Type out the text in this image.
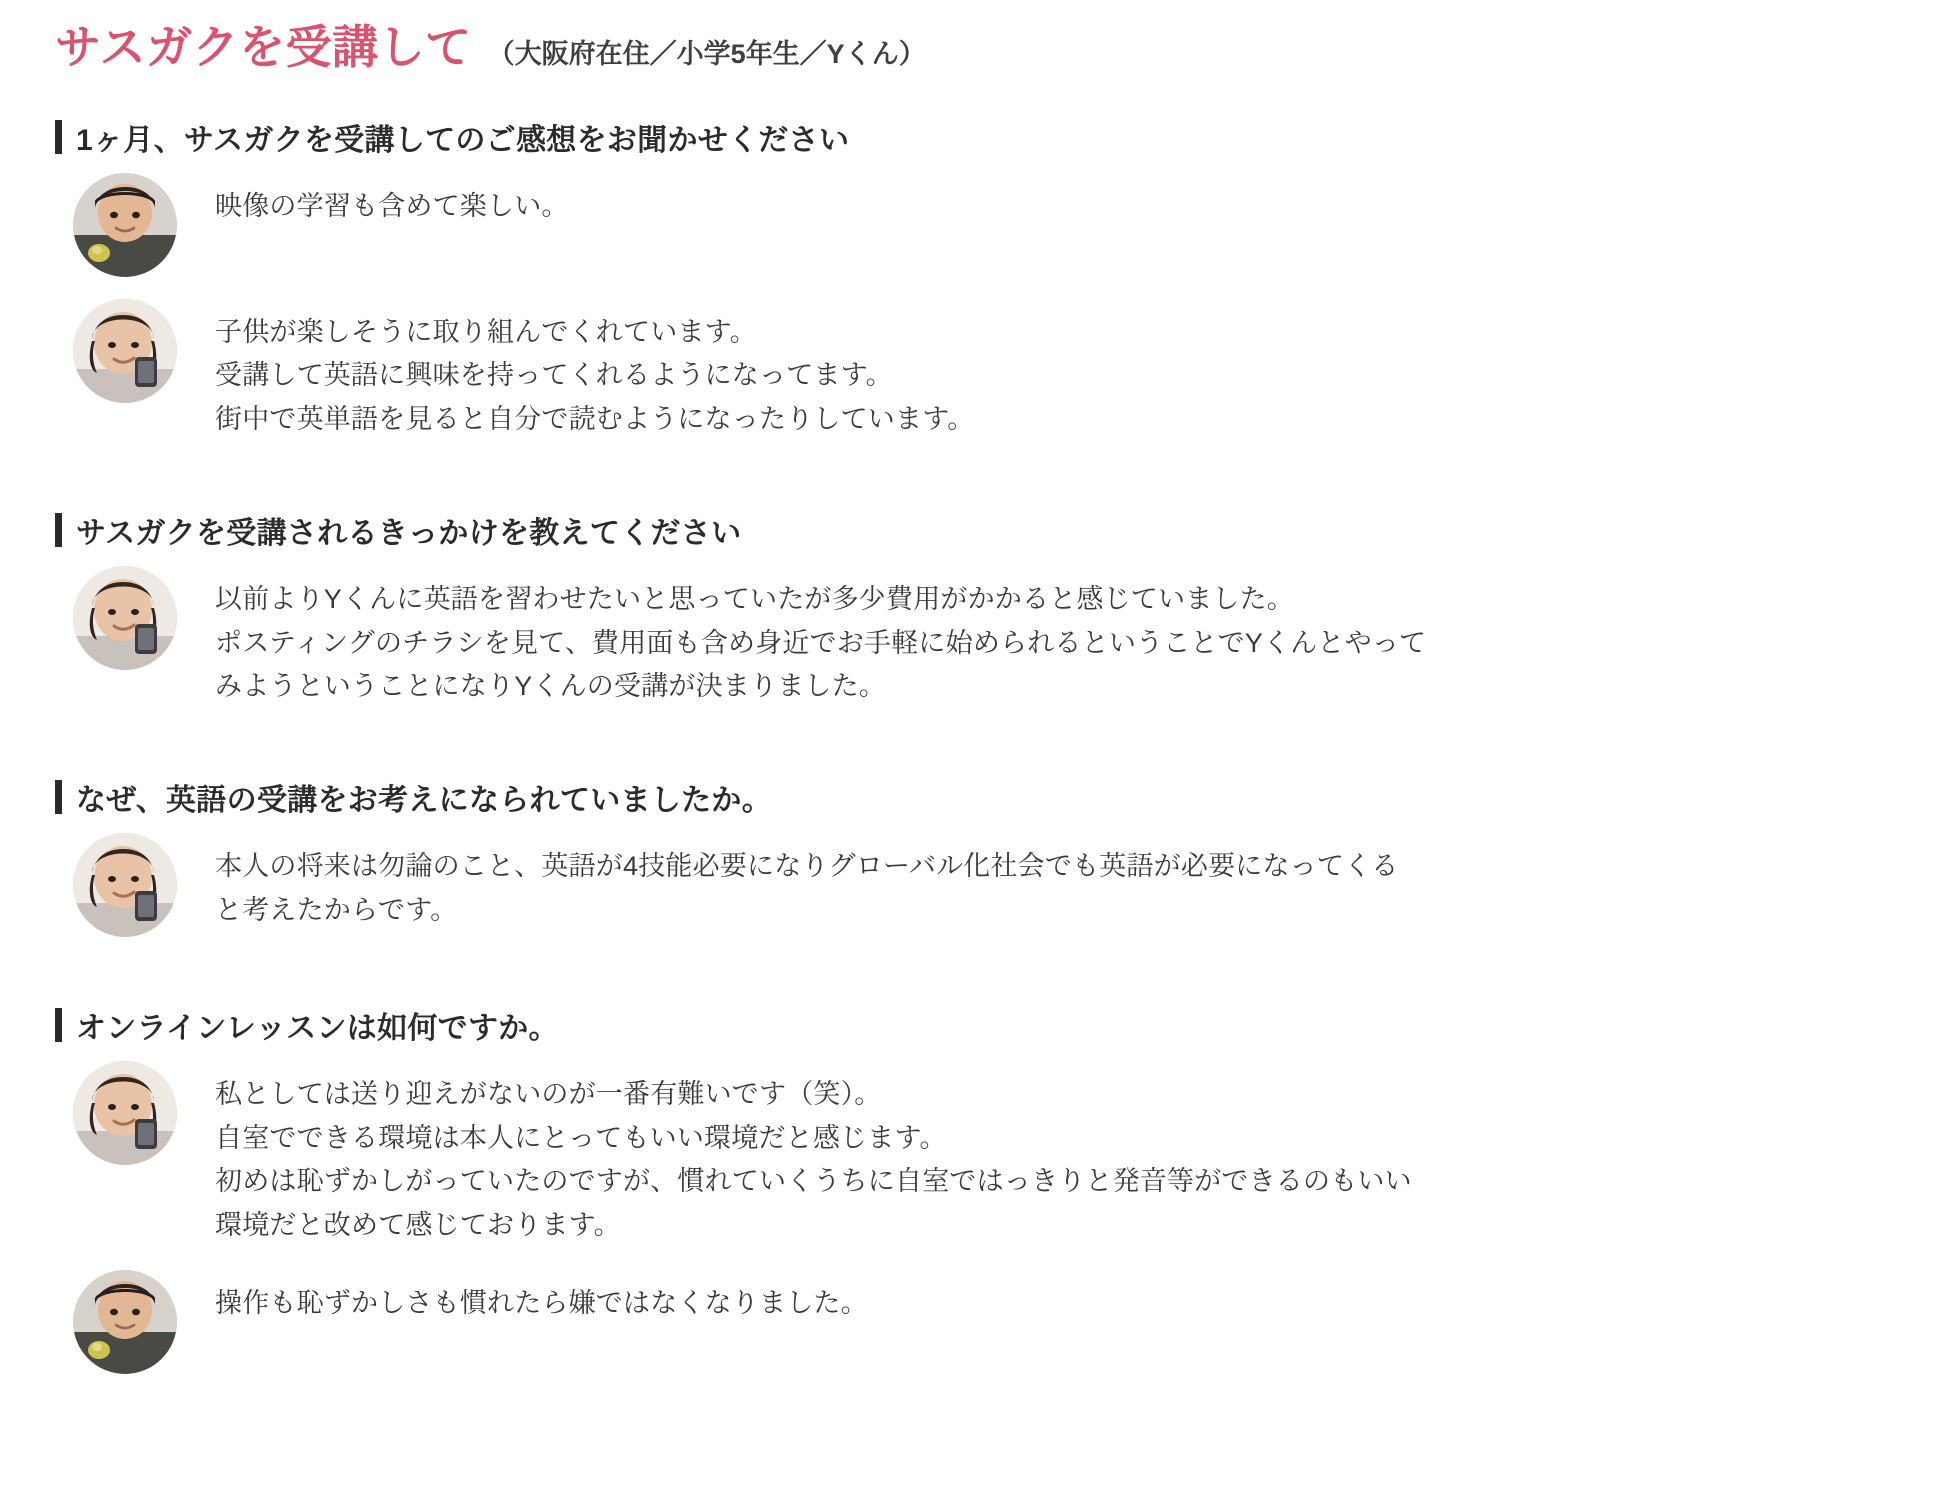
サスガクを受講して （大阪府在住／小学5年生／Yくん）
1ヶ月、サスガクを受講してのご感想をお聞かせください
映像の学習も含めて楽しい。
子供が楽しそうに取り組んでくれています。
受講して英語に興味を持ってくれるようになってます。
街中で英単語を見ると自分で読むようになったりしています。
サスガクを受講されるきっかけを教えてください
以前よりYくんに英語を習わせたいと思っていたが多少費用がかかると感じていました。
ポスティングのチラシを見て、費用面も含め身近でお手軽に始められるということでYくんとやって
みようということになりYくんの受講が決まりました。
なぜ、英語の受講をお考えになられていましたか。
本人の将来は勿論のこと、英語が4技能必要になりグローバル化社会でも英語が必要になってくる
と考えたからです。
オンラインレッスンは如何ですか。
私としては送り迎えがないのが一番有難いです（笑）。
自室でできる環境は本人にとってもいい環境だと感じます。
初めは恥ずかしがっていたのですが、慣れていくうちに自室ではっきりと発音等ができるのもいい
環境だと改めて感じております。
操作も恥ずかしさも慣れたら嫌ではなくなりました。
